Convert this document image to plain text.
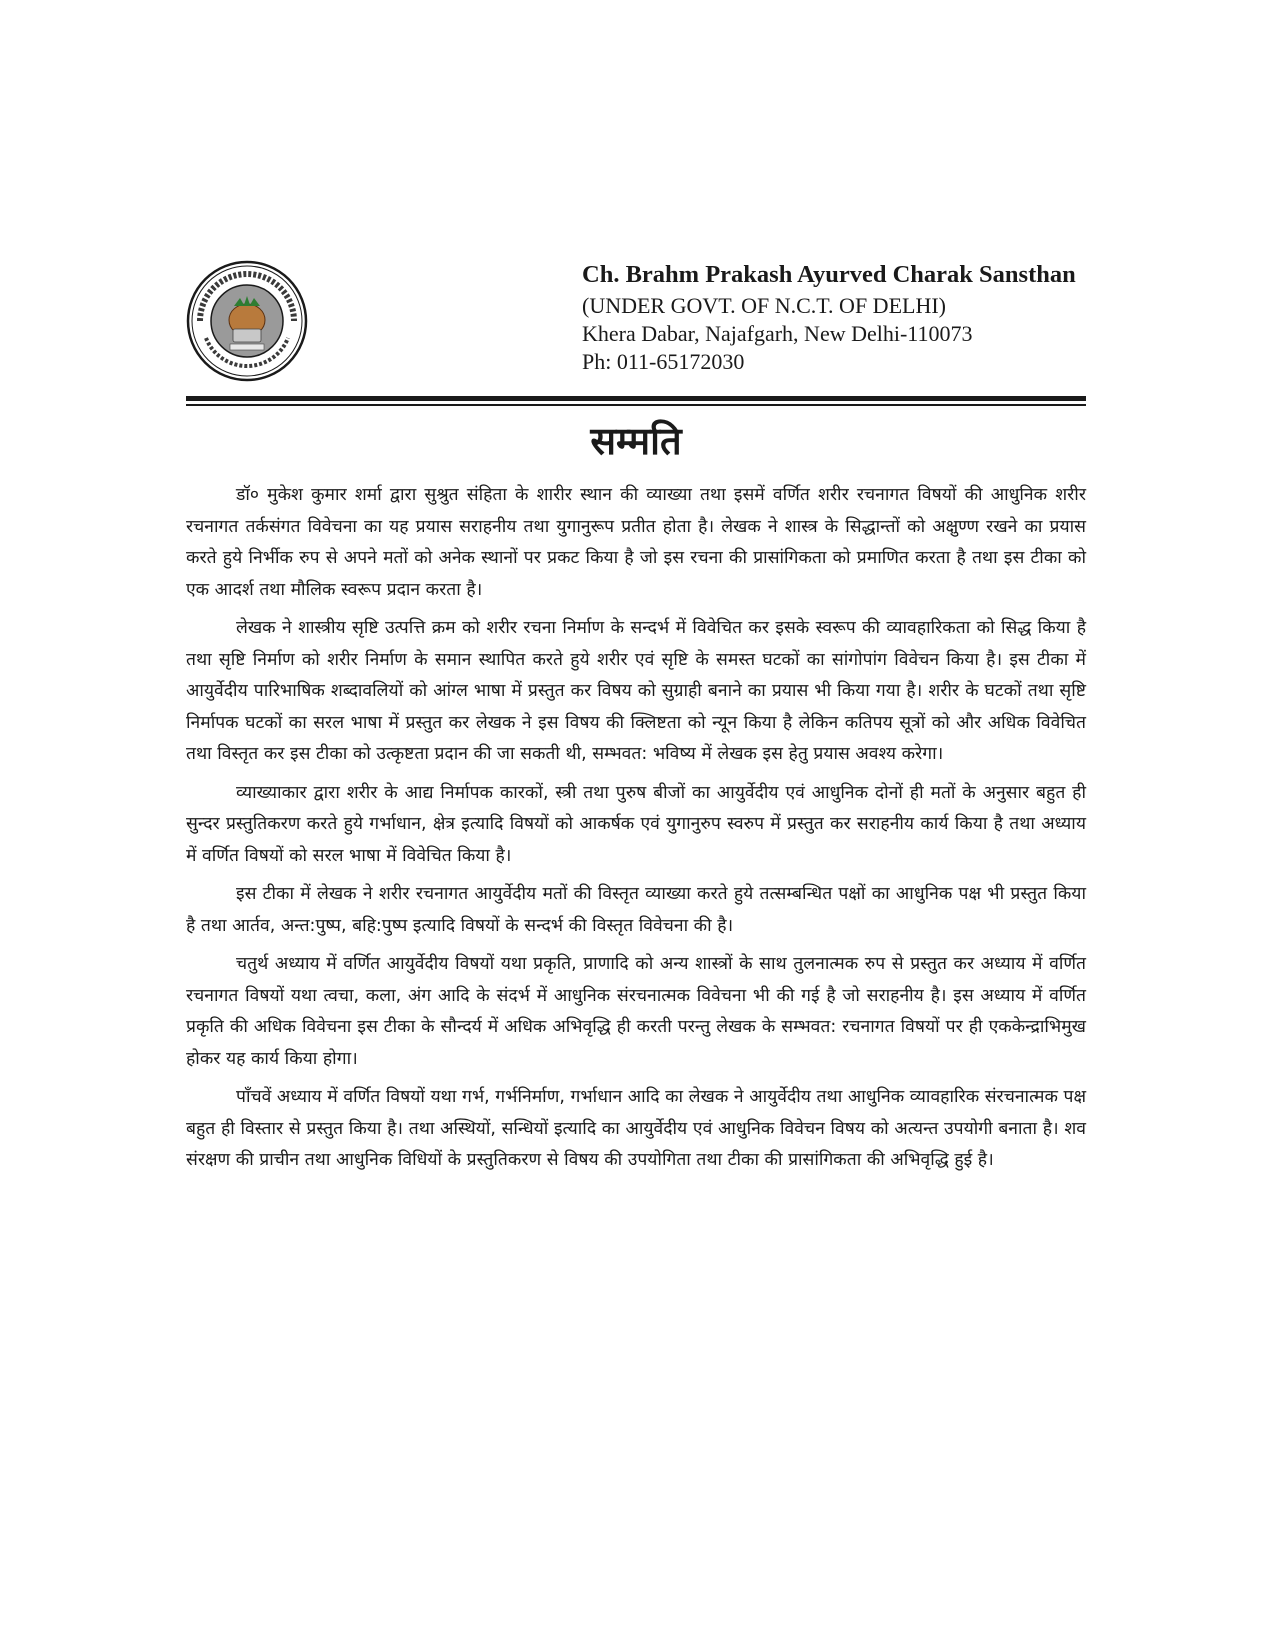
Ch. Brahm Prakash Ayurved Charak Sansthan
(UNDER GOVT. OF N.C.T. OF DELHI)
Khera Dabar, Najafgarh, New Delhi-110073
Ph: 011-65172030
सम्मति

डॉ० मुकेश कुमार शर्मा द्वारा सुश्रुत संहिता के शारीर स्थान की व्याख्या तथा इसमें वर्णित शरीर रचनागत विषयों की आधुनिक शरीर रचनागत तर्कसंगत विवेचना का यह प्रयास सराहनीय तथा युगानुरूप प्रतीत होता है। लेखक ने शास्त्र के सिद्धान्तों को अक्षुण्ण रखने का प्रयास करते हुये निर्भीक रुप से अपने मतों को अनेक स्थानों पर प्रकट किया है जो इस रचना की प्रासांगिकता को प्रमाणित करता है तथा इस टीका को एक आदर्श तथा मौलिक स्वरूप प्रदान करता है।

लेखक ने शास्त्रीय सृष्टि उत्पत्ति क्रम को शरीर रचना निर्माण के सन्दर्भ में विवेचित कर इसके स्वरूप की व्यावहारिकता को सिद्ध किया है तथा सृष्टि निर्माण को शरीर निर्माण के समान स्थापित करते हुये शरीर एवं सृष्टि के समस्त घटकों का सांगोपांग विवेचन किया है। इस टीका में आयुर्वेदीय पारिभाषिक शब्दावलियों को आंग्ल भाषा में प्रस्तुत कर विषय को सुग्राही बनाने का प्रयास भी किया गया है। शरीर के घटकों तथा सृष्टि निर्मापक घटकों का सरल भाषा में प्रस्तुत कर लेखक ने इस विषय की क्लिष्टता को न्यून किया है लेकिन कतिपय सूत्रों को और अधिक विवेचित तथा विस्तृत कर इस टीका को उत्कृष्टता प्रदान की जा सकती थी, सम्भवत: भविष्य में लेखक इस हेतु प्रयास अवश्य करेगा।

व्याख्याकार द्वारा शरीर के आद्य निर्मापक कारकों, स्त्री तथा पुरुष बीजों का आयुर्वेदीय एवं आधुनिक दोनों ही मतों के अनुसार बहुत ही सुन्दर प्रस्तुतिकरण करते हुये गर्भाधान, क्षेत्र इत्यादि विषयों को आकर्षक एवं युगानुरुप स्वरुप में प्रस्तुत कर सराहनीय कार्य किया है तथा अध्याय में वर्णित विषयों को सरल भाषा में विवेचित किया है।

इस टीका में लेखक ने शरीर रचनागत आयुर्वेदीय मतों की विस्तृत व्याख्या करते हुये तत्सम्बन्धित पक्षों का आधुनिक पक्ष भी प्रस्तुत किया है तथा आर्तव, अन्त:पुष्प, बहि:पुष्प इत्यादि विषयों के सन्दर्भ की विस्तृत विवेचना की है।

चतुर्थ अध्याय में वर्णित आयुर्वेदीय विषयों यथा प्रकृति, प्राणादि को अन्य शास्त्रों के साथ तुलनात्मक रुप से प्रस्तुत कर अध्याय में वर्णित रचनागत विषयों यथा त्वचा, कला, अंग आदि के संदर्भ में आधुनिक संरचनात्मक विवेचना भी की गई है जो सराहनीय है। इस अध्याय में वर्णित प्रकृति की अधिक विवेचना इस टीका के सौन्दर्य में अधिक अभिवृद्धि ही करती परन्तु लेखक के सम्भवत: रचनागत विषयों पर ही एककेन्द्राभिमुख होकर यह कार्य किया होगा।

पाँचवें अध्याय में वर्णित विषयों यथा गर्भ, गर्भनिर्माण, गर्भाधान आदि का लेखक ने आयुर्वेदीय तथा आधुनिक व्यावहारिक संरचनात्मक पक्ष बहुत ही विस्तार से प्रस्तुत किया है। तथा अस्थियों, सन्धियों इत्यादि का आयुर्वेदीय एवं आधुनिक विवेचन विषय को अत्यन्त उपयोगी बनाता है। शव संरक्षण की प्राचीन तथा आधुनिक विधियों के प्रस्तुतिकरण से विषय की उपयोगिता तथा टीका की प्रासांगिकता की अभिवृद्धि हुई है।
